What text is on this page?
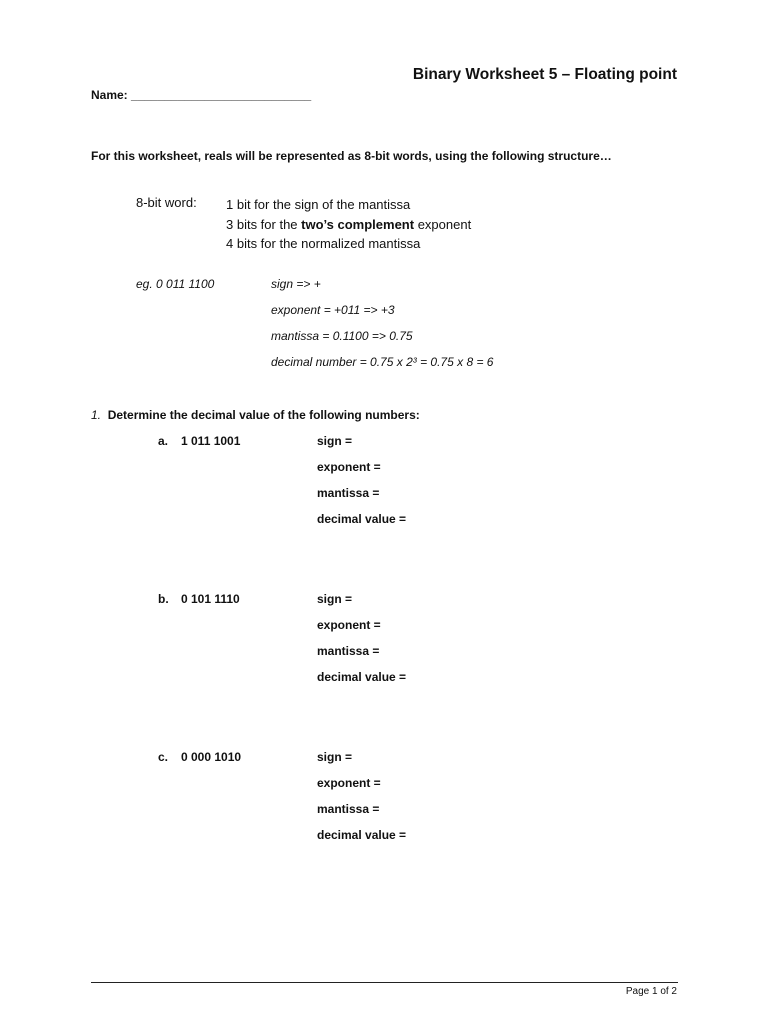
Binary Worksheet 5 – Floating point
Name: ___________________________
For this worksheet, reals will be represented as 8-bit words, using the following structure…
8-bit word: 1 bit for the sign of the mantissa
3 bits for the two’s complement exponent
4 bits for the normalized mantissa
eg. 0 011 1100	sign => +
exponent = +011 => +3
mantissa = 0.1100 => 0.75
decimal number = 0.75 x 2³ = 0.75 x 8 = 6
1. Determine the decimal value of the following numbers:
a. 1 011 1001	sign =
exponent =
mantissa =
decimal value =
b. 0 101 1110	sign =
exponent =
mantissa =
decimal value =
c. 0 000 1010	sign =
exponent =
mantissa =
decimal value =
Page 1 of 2
